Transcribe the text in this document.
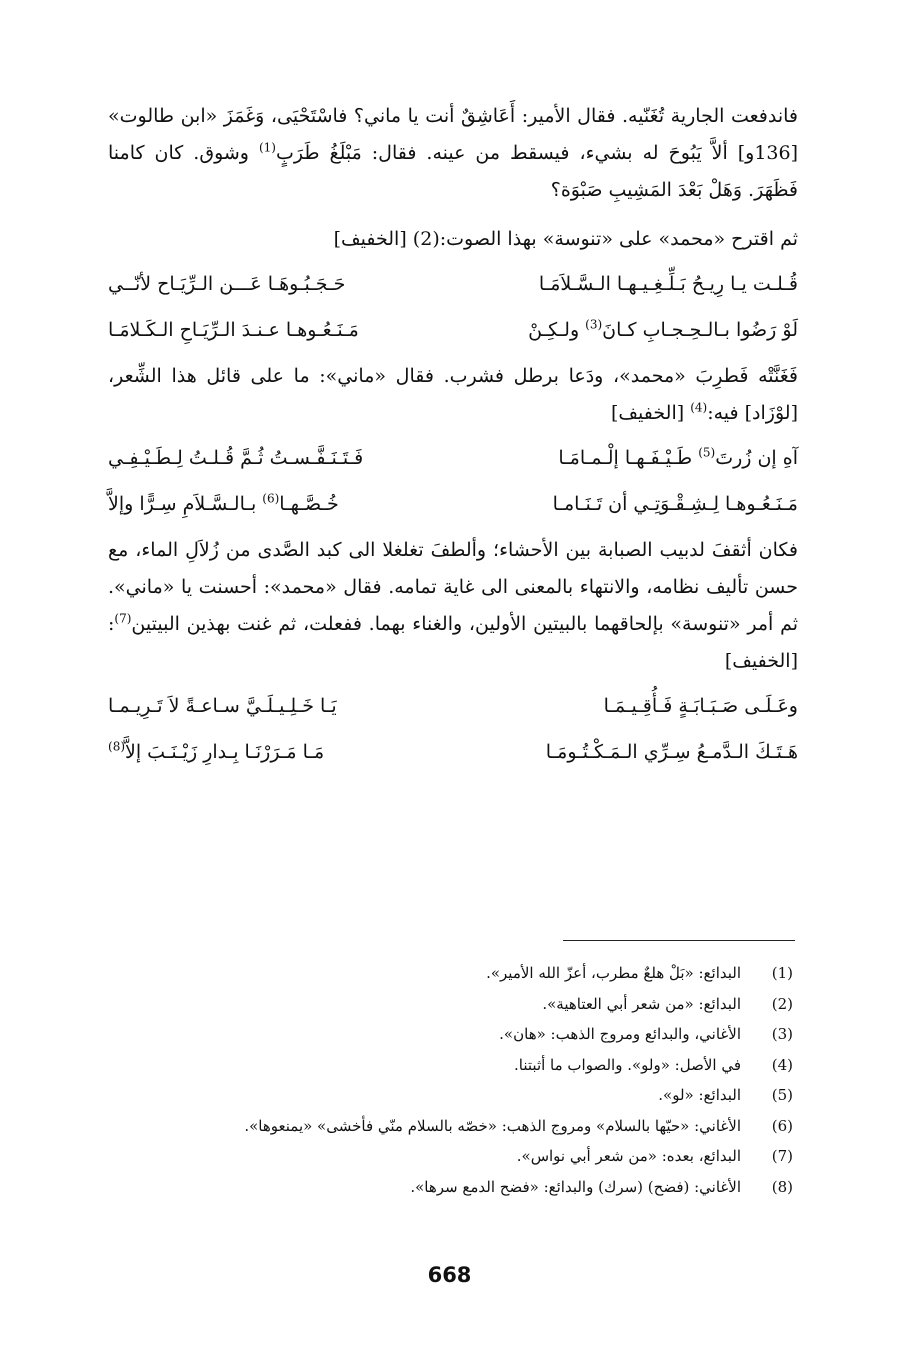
فاندفعت الجارية تُغَنّيه. فقال الأمير: أَعَاشِقٌ أنت يا ماني؟ فاسْتَحْيَى، وَغَمَزَ «ابن طالوت» [136و] ألاَّ يَبُوحَ له بشيء، فيسقط من عينه. فقال: مَبْلَغُ طَرَبٍ$^{(1)}$ وشوق. كان كامنا فَظَهَرَ. وَهَلْ بَعْدَ المَشِيبِ صَبْوَة؟

ثم اقترح «محمد» على «تنوسة» بهذا الصوت:(2) [الخفيف]

قُـلـت يـا رِيـحُ بَـلِّـغِـيـهـا الـسَّـلاَمَـا
حَـجَـبُـوهَـا عَـــن الـرِّيَـاح لأنّــي
لَوْ رَضُوا بـالـحِـجـابِ كـانَ$^{(3)}$ ولـكِـنْ
مَـنَـعُـوهـا عـنـدَ الـرِّيَـاحِ الـكَـلامَـا

فَغَنَّتْه فَطرِبَ «محمد»، ودَعا برطل فشرب. فقال «ماني»: ما على قائل هذا الشِّعر، [لوْزَاد] فيه:$^{(4)}$ [الخفيف]

آهِ إن زُرتَ$^{(5)}$ طَـيْـفَـهـا إلْـمـامَـا
فَـتَـنَـفَّـسـتُ ثُـمَّ قُـلـتُ لِـطَـيْـفِـي
مَـنَـعُـوهـا لِـشِـقْـوَتِـي أن تَـنَـامـا
خُـصَّـهـا$^{(6)}$ بـالـسَّـلاَمِ سِـرًّا وإلاَّ

فكان أثقفَ لدبيب الصبابة بين الأحشاء؛ وألطفَ تغلغلا الى كبد الصَّدى من زُلاَلِ الماء، مع حسن تأليف نظامه، والانتهاء بالمعنى الى غاية تمامه. فقال «محمد»: أحسنت يا «ماني». ثم أمر «تنوسة» بإلحاقهما بالبيتين الأولين، والغناء بهما. ففعلت، ثم غنت بهذين البيتين$^{(7)}$: [الخفيف]

وعَـلَـى صَـبَـابَـةٍ فَـأُقِـيـمَـا
يَـا خَـلِـيـلَـيَّ سـاعـةً لاَ تَـرِيـمـا
هَـتَـكَ الـدَّمـعُ سِـرِّي الـمَـكْـتُـومَـا
مَـا مَـرَرْنَـا بِـدارِ زَيْـنَـبَ إلاَّ$^{(8)}$
(1)
البدائع: «بَلْ هلعٌ مطرب، أعزّ الله الأمير».
(2)
البدائع: «من شعر أبي العتاهية».
(3)
الأغاني، والبدائع ومروج الذهب: «هان».
(4)
في الأصل: «ولو». والصواب ما أثبتنا.
(5)
البدائع: «لو».
(6)
الأغاني: «حيّها بالسلام» ومروج الذهب: «خصّه بالسلام منّي فأخشى» «يمنعوها».
(7)
البدائع، بعده: «من شعر أبي نواس».
(8)
الأغاني: (فضح) (سرك) والبدائع: «فضح الدمع سرها».
668
